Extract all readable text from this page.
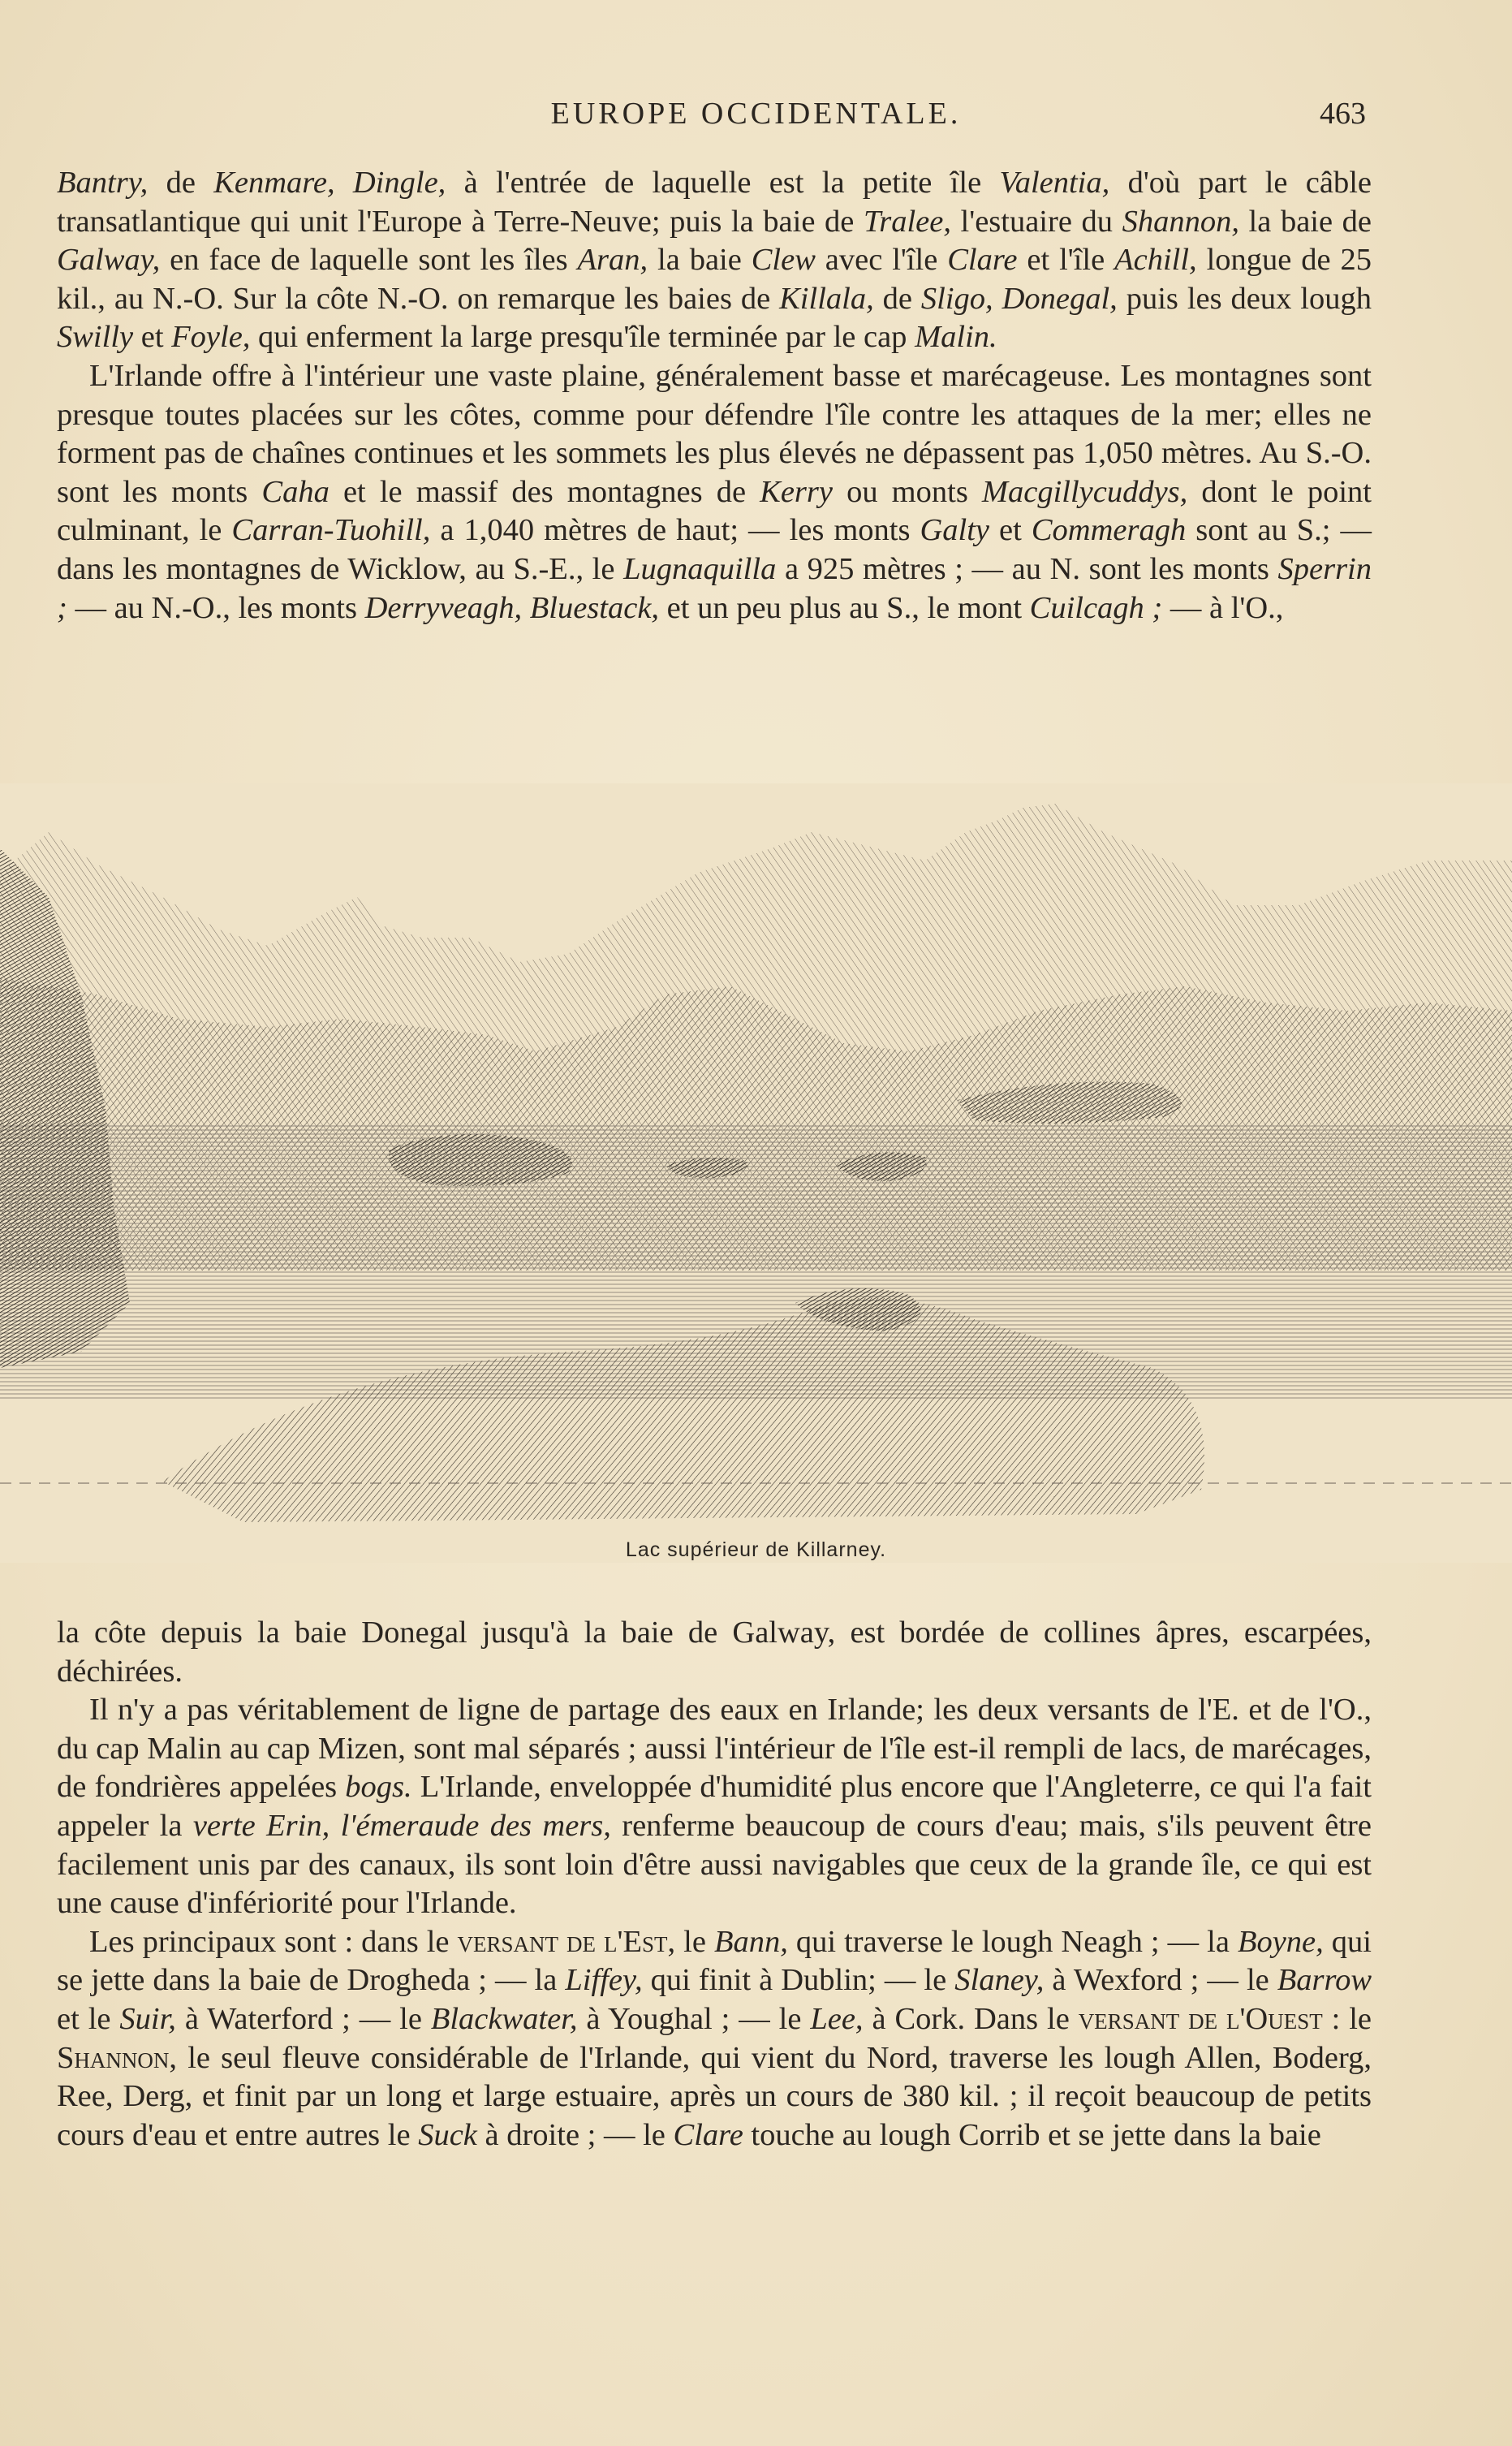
EUROPE OCCIDENTALE.	463

Bantry, de Kenmare, Dingle, à l'entrée de laquelle est la petite île Valentia, d'où part le câble transatlantique qui unit l'Europe à Terre-Neuve; puis la baie de Tralee, l'estuaire du Shannon, la baie de Galway, en face de laquelle sont les îles Aran, la baie Clew avec l'île Clare et l'île Achill, longue de 25 kil., au N.-O. Sur la côte N.-O. on remarque les baies de Killala, de Sligo, Donegal, puis les deux lough Swilly et Foyle, qui enferment la large presqu'île terminée par le cap Malin.

L'Irlande offre à l'intérieur une vaste plaine, généralement basse et marécageuse. Les montagnes sont presque toutes placées sur les côtes, comme pour défendre l'île contre les attaques de la mer; elles ne forment pas de chaînes continues et les sommets les plus élevés ne dépassent pas 1,050 mètres. Au S.-O. sont les monts Caha et le massif des montagnes de Kerry ou monts Macgillycuddys, dont le point culminant, le Carran-Tuohill, a 1,040 mètres de haut; — les monts Galty et Commeragh sont au S.; — dans les montagnes de Wicklow, au S.-E., le Lugnaquilla a 925 mètres ; — au N. sont les monts Sperrin ; — au N.-O., les monts Derryveagh, Bluestack, et un peu plus au S., le mont Cuilcagh ; — à l'O.,

Lac supérieur de Killarney.

la côte depuis la baie Donegal jusqu'à la baie de Galway, est bordée de collines âpres, escarpées, déchirées.

Il n'y a pas véritablement de ligne de partage des eaux en Irlande; les deux versants de l'E. et de l'O., du cap Malin au cap Mizen, sont mal séparés ; aussi l'intérieur de l'île est-il rempli de lacs, de marécages, de fondrières appelées bogs. L'Irlande, enveloppée d'humidité plus encore que l'Angleterre, ce qui l'a fait appeler la verte Erin, l'émeraude des mers, renferme beaucoup de cours d'eau; mais, s'ils peuvent être facilement unis par des canaux, ils sont loin d'être aussi navigables que ceux de la grande île, ce qui est une cause d'infériorité pour l'Irlande.

Les principaux sont : dans le versant de l'Est, le Bann, qui traverse le lough Neagh ; — la Boyne, qui se jette dans la baie de Drogheda ; — la Liffey, qui finit à Dublin; — le Slaney, à Wexford ; — le Barrow et le Suir, à Waterford ; — le Blackwater, à Youghal ; — le Lee, à Cork. Dans le versant de l'Ouest : le Shannon, le seul fleuve considérable de l'Irlande, qui vient du Nord, traverse les lough Allen, Boderg, Ree, Derg, et finit par un long et large estuaire, après un cours de 380 kil. ; il reçoit beaucoup de petits cours d'eau et entre autres le Suck à droite ; — le Clare touche au lough Corrib et se jette dans la baie
